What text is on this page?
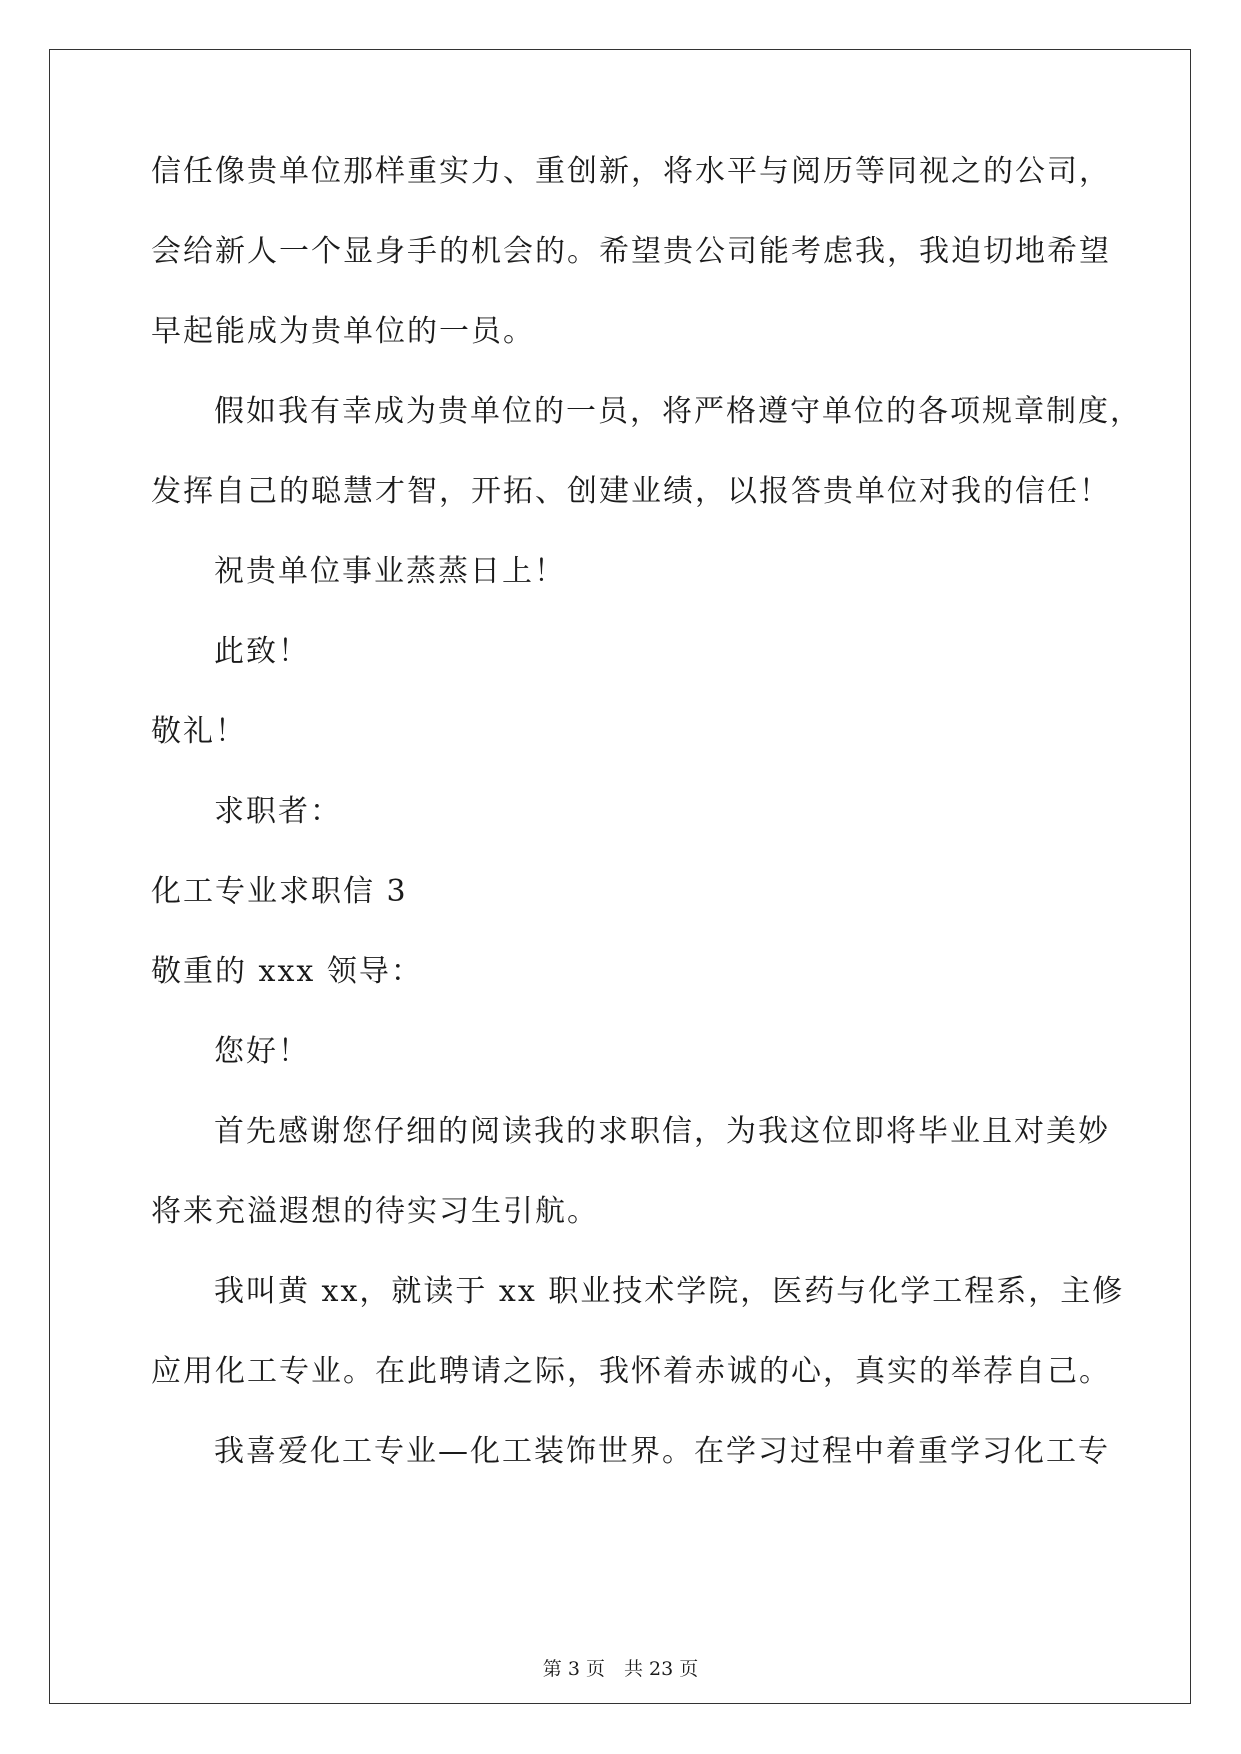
信任像贵单位那样重实力、重创新，将水平与阅历等同视之的公司，
会给新人一个显身手的机会的。希望贵公司能考虑我，我迫切地希望
早起能成为贵单位的一员。
假如我有幸成为贵单位的一员，将严格遵守单位的各项规章制度，
发挥自己的聪慧才智，开拓、创建业绩，以报答贵单位对我的信任！
祝贵单位事业蒸蒸日上！
此致！
敬礼！
求职者：
化工专业求职信 3
敬重的 xxx 领导：
您好！
首先感谢您仔细的阅读我的求职信，为我这位即将毕业且对美妙
将来充溢遐想的待实习生引航。
我叫黄 xx，就读于 xx 职业技术学院，医药与化学工程系，主修
应用化工专业。在此聘请之际，我怀着赤诚的心，真实的举荐自己。
我喜爱化工专业—化工装饰世界。在学习过程中着重学习化工专
第 3 页　共 23 页
